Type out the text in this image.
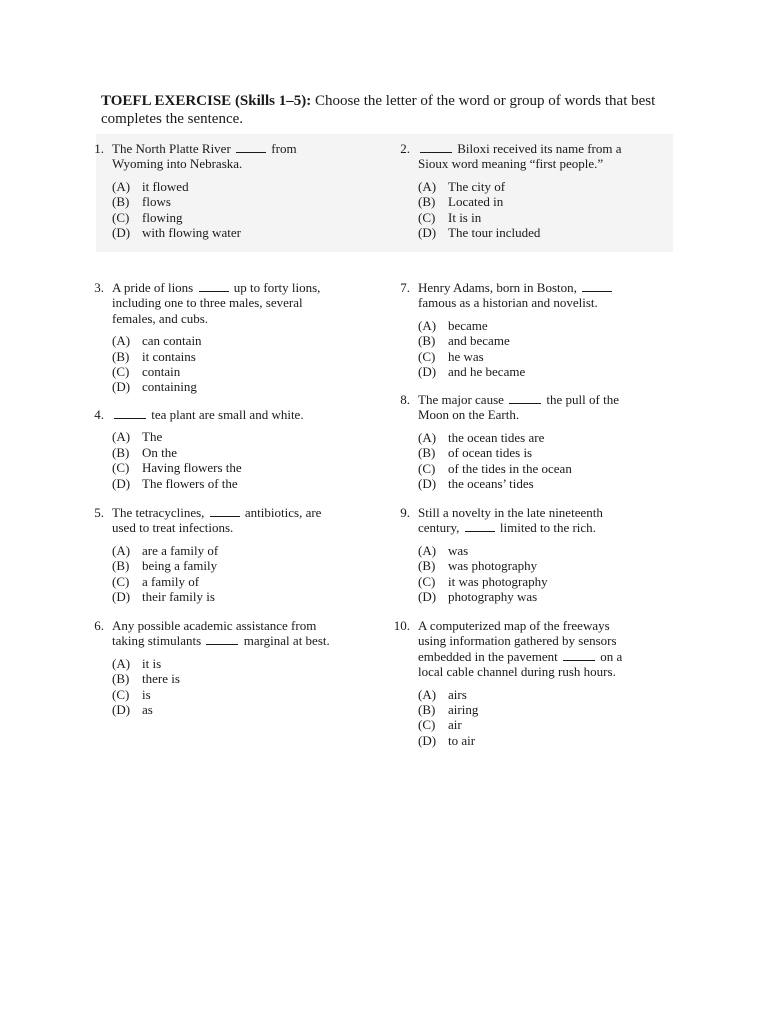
TOEFL EXERCISE (Skills 1–5): Choose the letter of the word or group of words that best completes the sentence.
1. The North Platte River	from
Wyoming into Nebraska.
(A) it flowed
(B) flows
(C) flowing
(D) with flowing water
2.	Biloxi received its name from a
Sioux word meaning “first people.”
(A) The city of
(B) Located in
(C) It is in
(D) The tour included
3. A pride of lions	up to forty lions,
including one to three males, several
females, and cubs.
(A) can contain
(B) it contains
(C) contain
(D) containing
4.	tea plant are small and white.
(A) The
(B) On the
(C) Having flowers the
(D) The flowers of the
5. The tetracyclines,	antibiotics, are
used to treat infections.
(A) are a family of
(B) being a family
(C) a family of
(D) their family is
6. Any possible academic assistance from
taking stimulants	marginal at best.
(A) it is
(B) there is
(C) is
(D) as
7. Henry Adams, born in Boston,
famous as a historian and novelist.
(A) became
(B) and became
(C) he was
(D) and he became
8. The major cause	the pull of the
Moon on the Earth.
(A) the ocean tides are
(B) of ocean tides is
(C) of the tides in the ocean
(D) the oceans’ tides
9. Still a novelty in the late nineteenth
century,	limited to the rich.
(A) was
(B) was photography
(C) it was photography
(D) photography was
10. A computerized map of the freeways
using information gathered by sensors
embedded in the pavement	on a
local cable channel during rush hours.
(A) airs
(B) airing
(C) air
(D) to air
